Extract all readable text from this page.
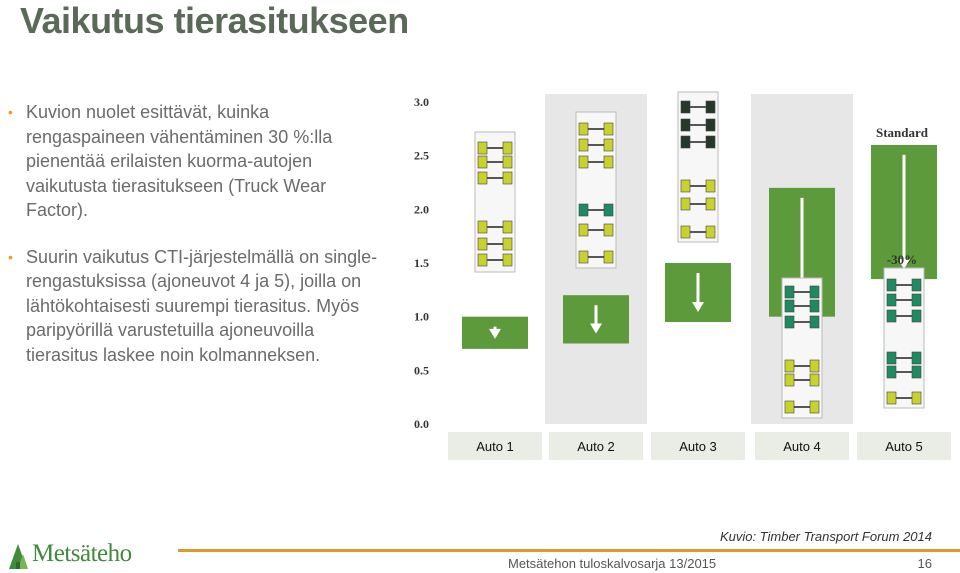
Vaikutus tierasitukseen
• Kuvion nuolet esittävät, kuinka rengaspaineen vähentäminen 30 %:lla pienentää erilaisten kuorma-autojen vaikutusta tierasitukseen (Truck Wear Factor).
• Suurin vaikutus CTI-järjestelmällä on single-rengastuksissa (ajoneuvot 4 ja 5), joilla on lähtökohtaisesti suurempi tierasitus. Myös paripyörillä varustetuilla ajoneuvoilla tierasitus laskee noin kolmanneksen.
0.0
0.5
1.0
1.5
2.0
2.5
3.0
Standard
-30%
Auto 1	Auto 2	Auto 3	Auto 4	Auto 5
Kuvio: Timber Transport Forum 2014
Metsäteho	Metsätehon tuloskalvosarja 13/2015	16
